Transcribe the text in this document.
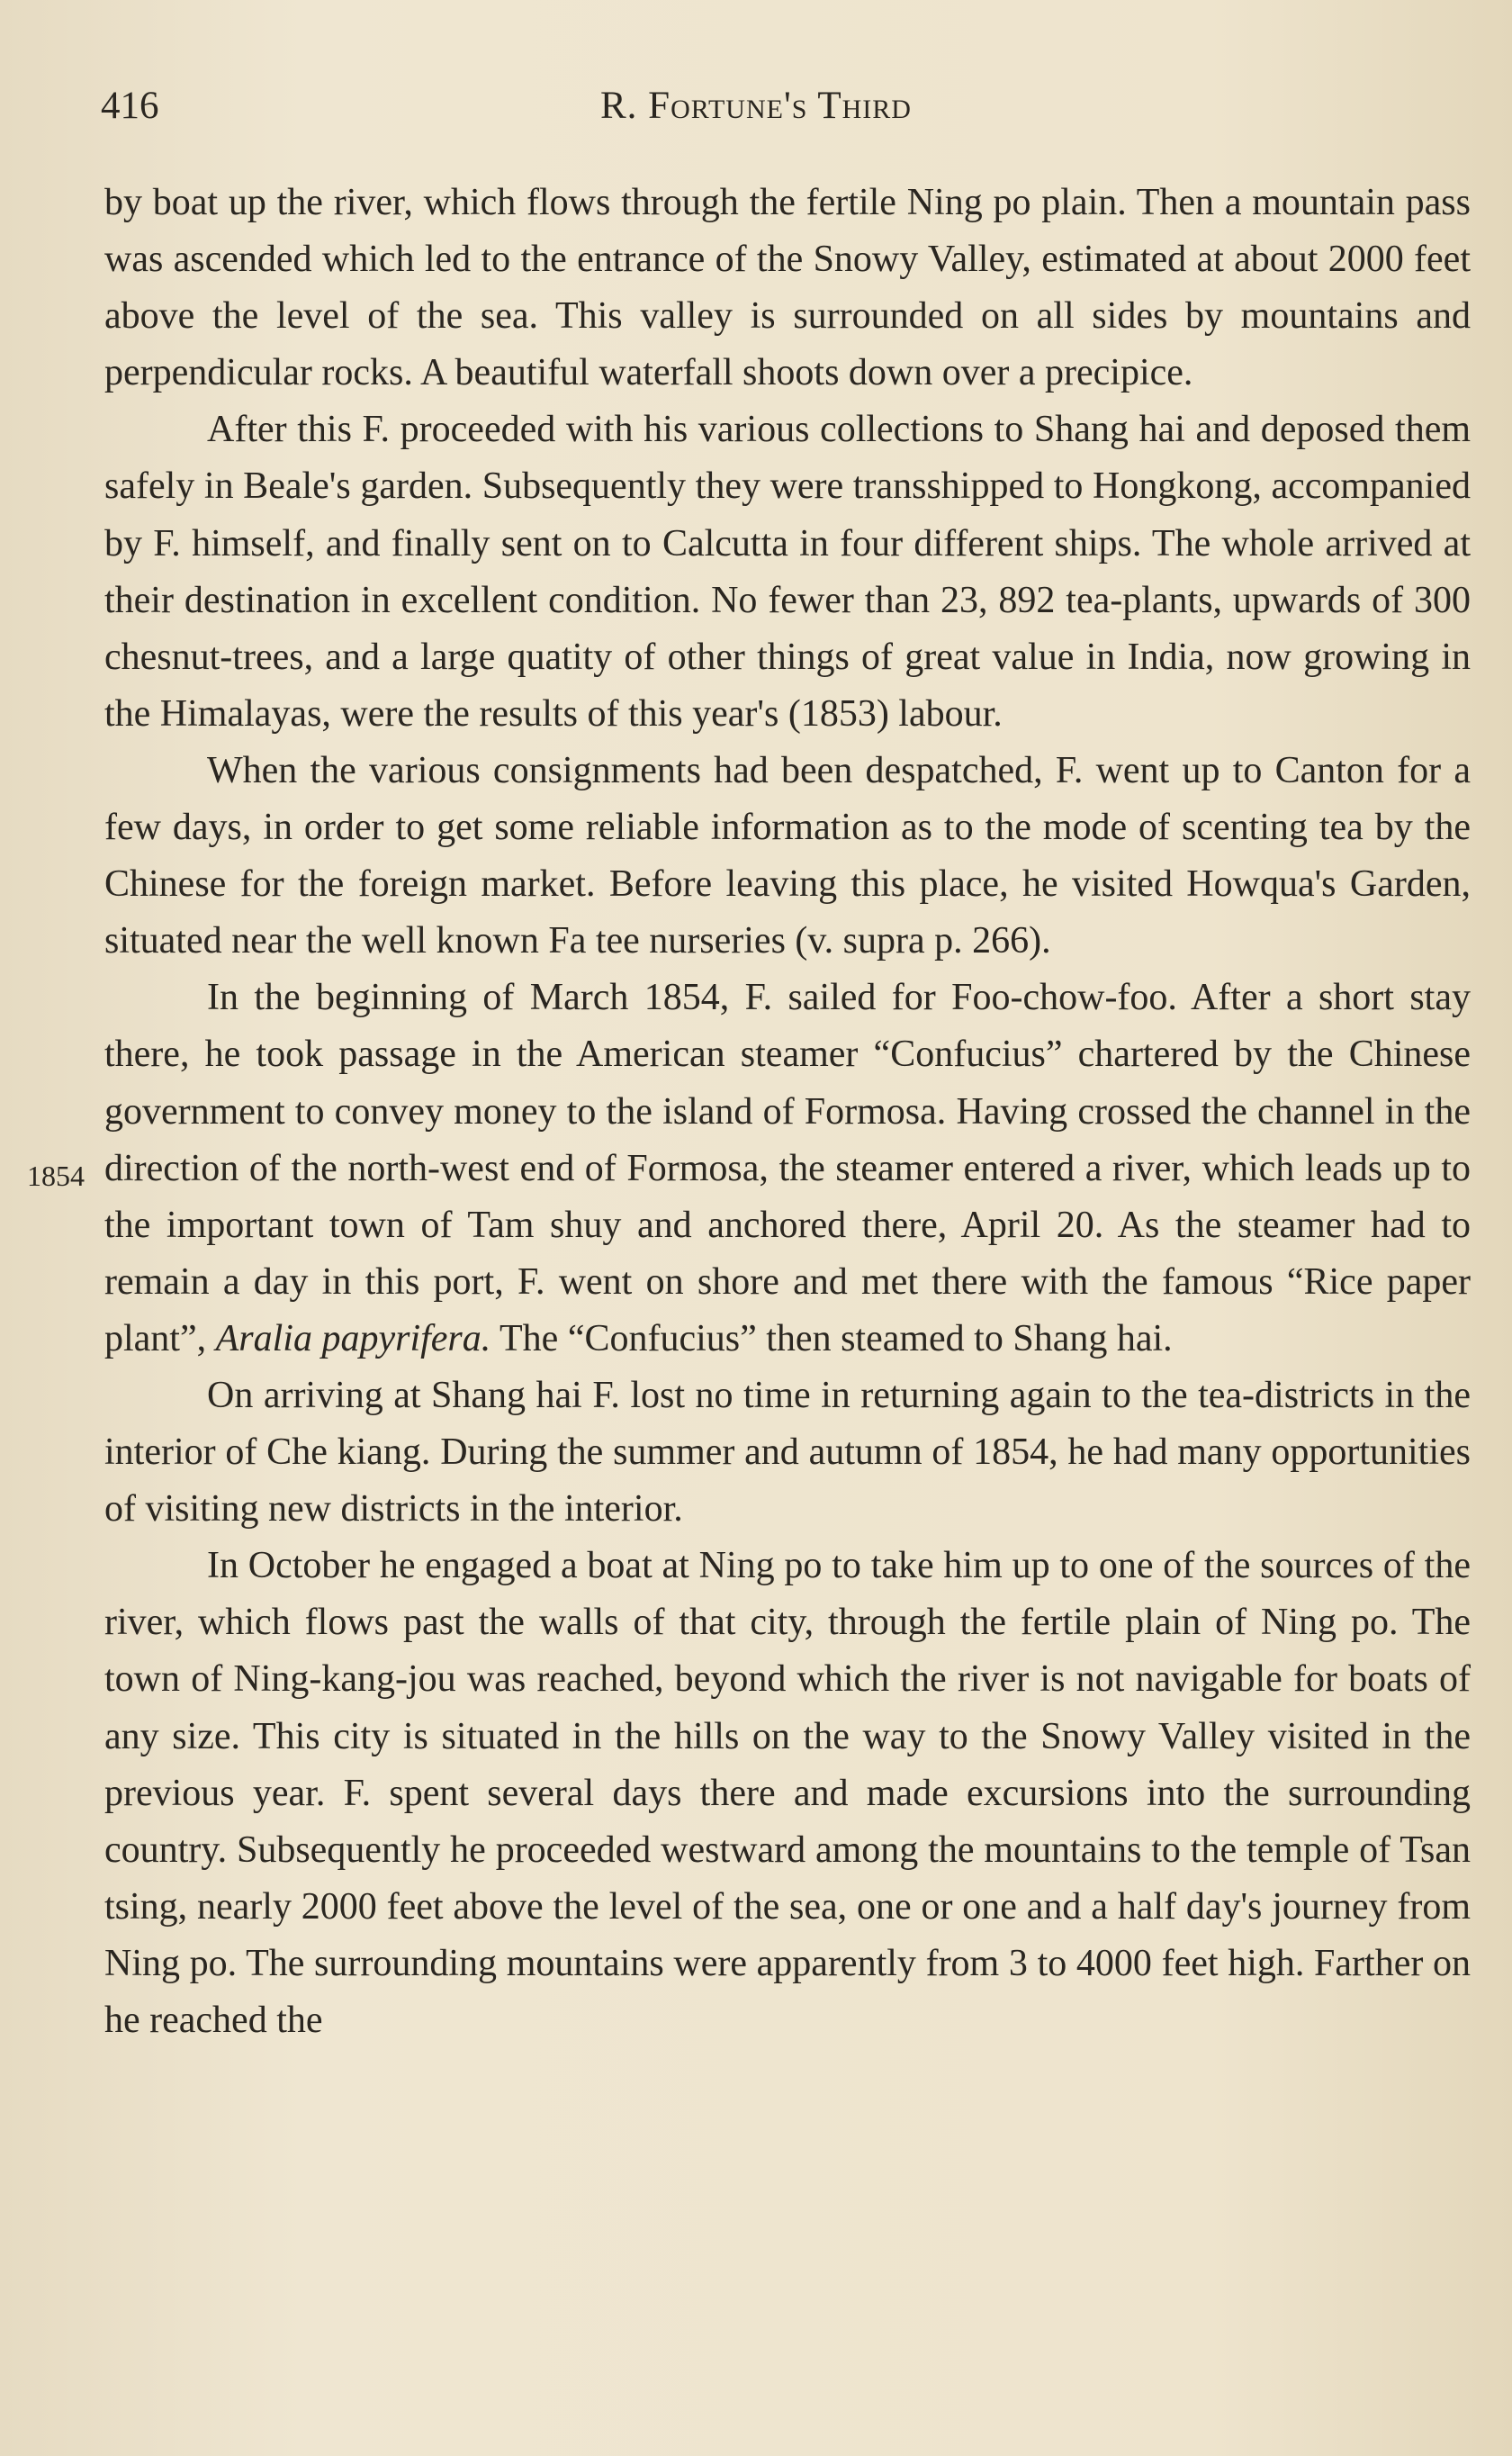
416	R. Fortune's Third
1854

by boat up the river, which flows through the fertile Ning po plain. Then a mountain pass was ascended which led to the entrance of the Snowy Valley, estimated at about 2000 feet above the level of the sea. This valley is surrounded on all sides by mountains and perpendicular rocks. A beautiful waterfall shoots down over a precipice.

After this F. proceeded with his various collections to Shang hai and deposed them safely in Beale's garden. Subsequently they were transshipped to Hongkong, accompanied by F. himself, and finally sent on to Calcutta in four different ships. The whole arrived at their destination in excellent condition. No fewer than 23, 892 tea-plants, upwards of 300 chesnut-trees, and a large quatity of other things of great value in India, now growing in the Himalayas, were the results of this year's (1853) labour.

When the various consignments had been despatched, F. went up to Canton for a few days, in order to get some reliable information as to the mode of scenting tea by the Chinese for the foreign market. Before leaving this place, he visited Howqua's Garden, situated near the well known Fa tee nurseries (v. supra p. 266).

In the beginning of March 1854, F. sailed for Foo-chow-foo. After a short stay there, he took passage in the American steamer “Confucius” chartered by the Chinese government to convey money to the island of Formosa. Having crossed the channel in the direction of the north-west end of Formosa, the steamer entered a river, which leads up to the important town of Tam shuy and anchored there, April 20. As the steamer had to remain a day in this port, F. went on shore and met there with the famous “Rice paper plant”, Aralia papyrifera. The “Confucius” then steamed to Shang hai.

On arriving at Shang hai F. lost no time in returning again to the tea-districts in the interior of Che kiang. During the summer and autumn of 1854, he had many opportunities of visiting new districts in the interior.

In October he engaged a boat at Ning po to take him up to one of the sources of the river, which flows past the walls of that city, through the fertile plain of Ning po. The town of Ning-kang-jou was reached, beyond which the river is not navigable for boats of any size. This city is situated in the hills on the way to the Snowy Valley visited in the previous year. F. spent several days there and made excursions into the surrounding country. Subsequently he proceeded westward among the mountains to the temple of Tsan tsing, nearly 2000 feet above the level of the sea, one or one and a half day's journey from Ning po. The surrounding mountains were apparently from 3 to 4000 feet high. Farther on he reached the
